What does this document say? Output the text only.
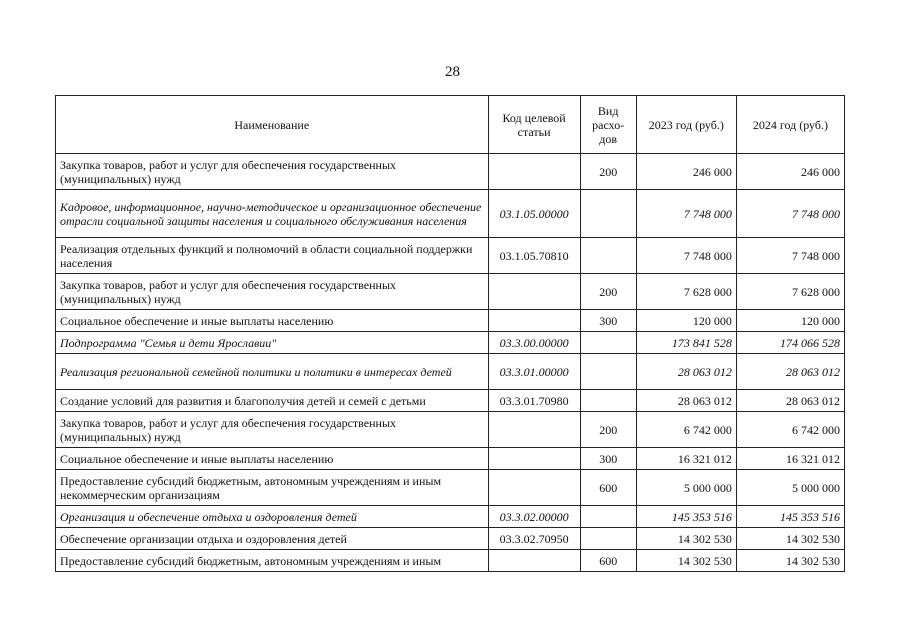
28
Наименование	Код целевой статьи	Вид расхо-дов	2023 год (руб.)	2024 год (руб.)
Закупка товаров, работ и услуг для обеспечения государственных (муниципальных) нужд		200	246 000	246 000
Кадровое, информационное, научно-методическое и организационное обеспечение отрасли социальной защиты населения и социального обслуживания населения	03.1.05.00000		7 748 000	7 748 000
Реализация отдельных функций и полномочий в области социальной поддержки населения	03.1.05.70810		7 748 000	7 748 000
Закупка товаров, работ и услуг для обеспечения государственных (муниципальных) нужд		200	7 628 000	7 628 000
Социальное обеспечение и иные выплаты населению		300	120 000	120 000
Подпрограмма "Семья и дети Ярославии"	03.3.00.00000		173 841 528	174 066 528
Реализация региональной семейной политики и политики в интересах детей	03.3.01.00000		28 063 012	28 063 012
Создание условий для развития и благополучия детей и семей с детьми	03.3.01.70980		28 063 012	28 063 012
Закупка товаров, работ и услуг для обеспечения государственных (муниципальных) нужд		200	6 742 000	6 742 000
Социальное обеспечение и иные выплаты населению		300	16 321 012	16 321 012
Предоставление субсидий бюджетным, автономным учреждениям и иным некоммерческим организациям		600	5 000 000	5 000 000
Организация и обеспечение отдыха и оздоровления детей	03.3.02.00000		145 353 516	145 353 516
Обеспечение организации отдыха и оздоровления детей	03.3.02.70950		14 302 530	14 302 530
Предоставление субсидий бюджетным, автономным учреждениям и иным		600	14 302 530	14 302 530
